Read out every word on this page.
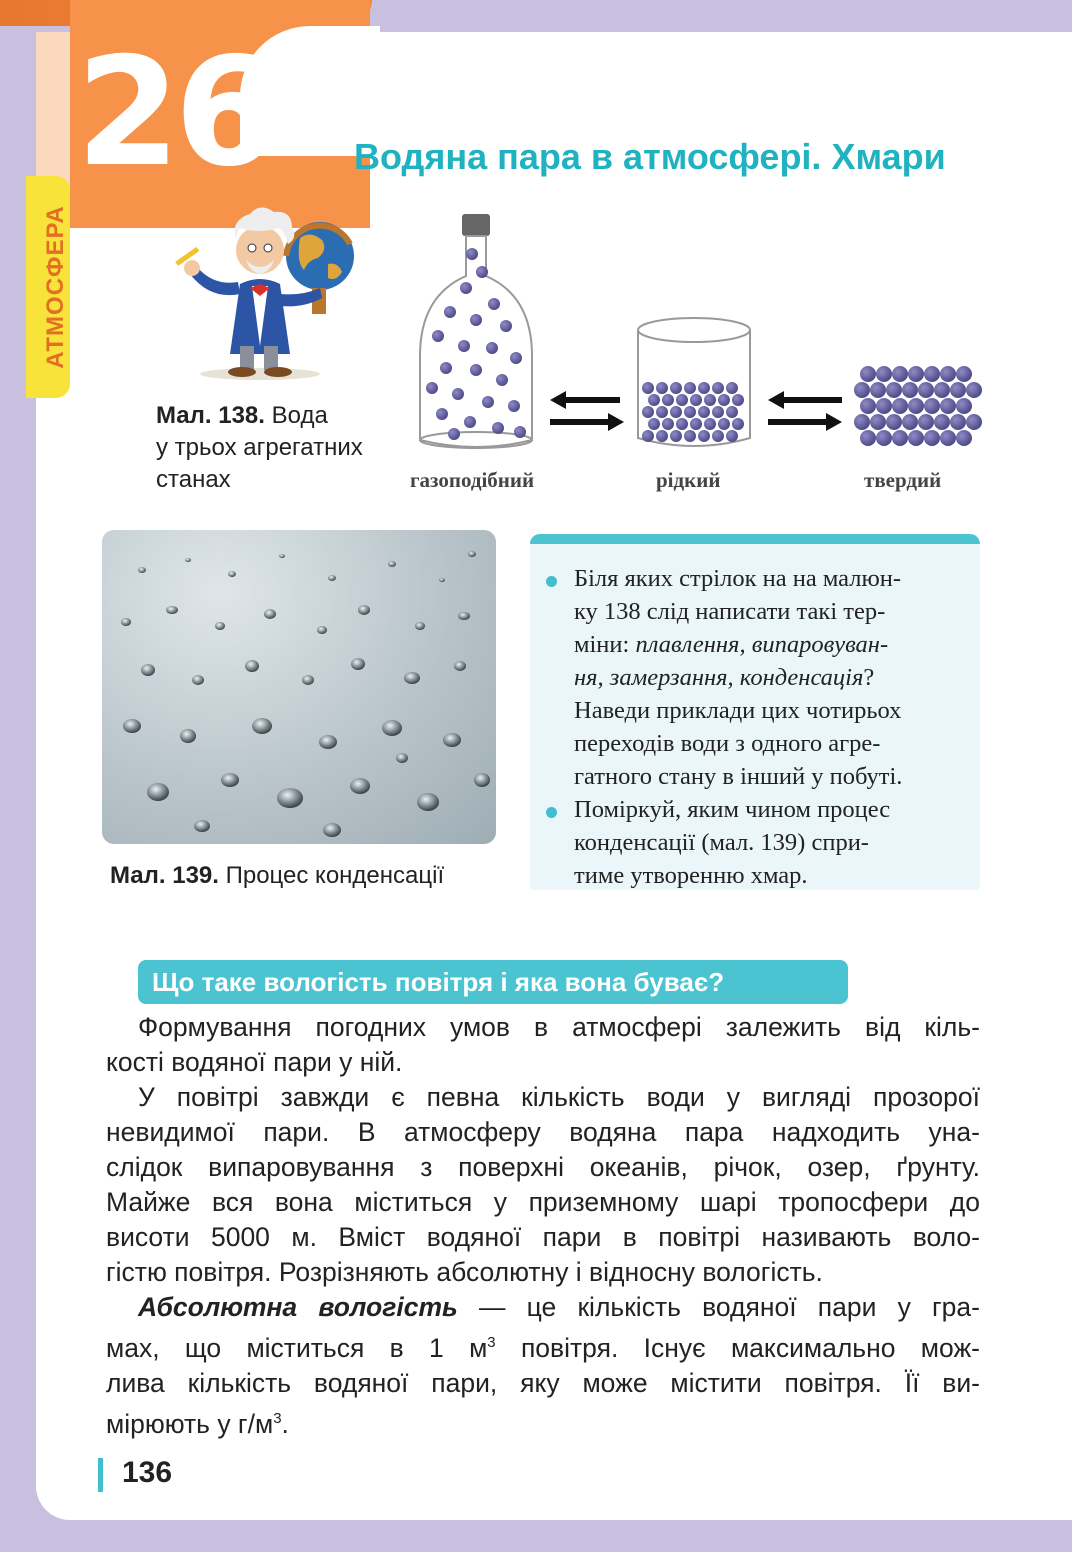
26
АТМОСФЕРА
Водяна пара в атмосфері. Хмари
газоподібний	рідкий	твердий
Мал. 138. Вода
у трьох агрегатних
станах
Мал. 139. Процес конденсації
Біля яких стрілок на на малюн-
ку 138 слід написати такі тер-
міни: плавлення, випаровуван-
ня, замерзання, конденсація?
Наведи приклади цих чотирьох
переходів води з одного агре-
гатного стану в інший у побуті.
Поміркуй, яким чином процес
конденсації (мал. 139) спри-
тиме утворенню хмар.
Що таке вологість повітря і яка вона буває?

Формування погодних умов в атмосфері залежить від кіль-
кості водяної пари у ній.

У повітрі завжди є певна кількість води у вигляді прозорої
невидимої пари. В атмосферу водяна пара надходить уна-
слідок випаровування з поверхні океанів, річок, озер, ґрунту.
Майже вся вона міститься у приземному шарі тропосфери до
висоти 5000 м. Вміст водяної пари в повітрі називають воло-
гістю повітря. Розрізняють абсолютну і відносну вологість.

Абсолютна вологість — це кількість водяної пари у гра-
мах, що міститься в 1 $м^3$ повітря. Існує максимально мож-
лива кількість водяної пари, яку може містити повітря. Її ви-
мірюють у $г/м^3$.

136
